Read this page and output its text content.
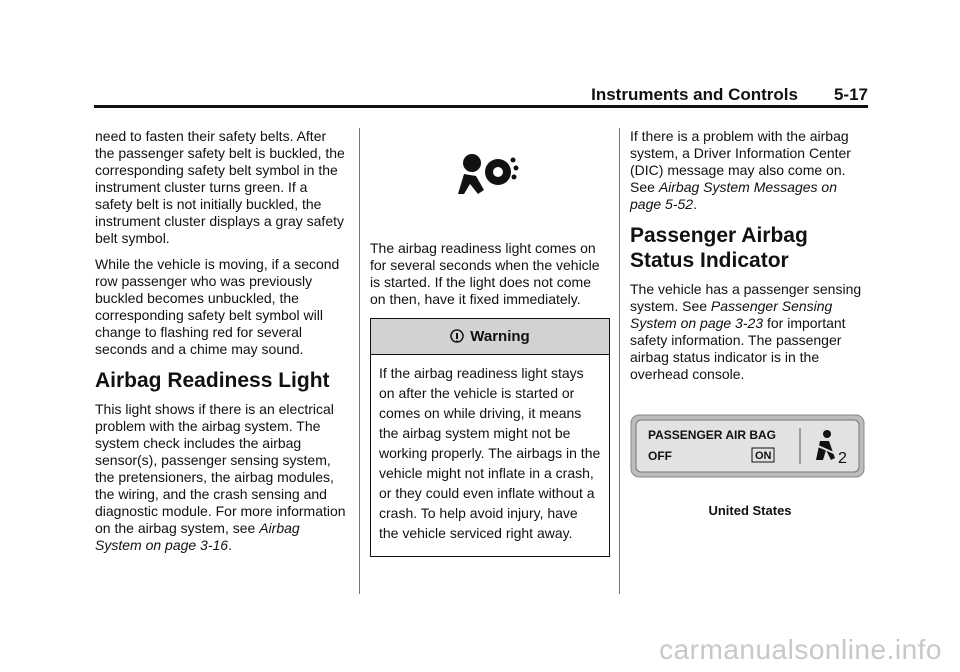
Instruments and Controls 5-17

need to fasten their safety belts. After the passenger safety belt is buckled, the corresponding safety belt symbol in the instrument cluster turns green. If a safety belt is not initially buckled, the instrument cluster displays a gray safety belt symbol.

While the vehicle is moving, if a second row passenger who was previously buckled becomes unbuckled, the corresponding safety belt symbol will change to flashing red for several seconds and a chime may sound.

Airbag Readiness Light

This light shows if there is an electrical problem with the airbag system. The system check includes the airbag sensor(s), passenger sensing system, the pretensioners, the airbag modules, the wiring, and the crash sensing and diagnostic module. For more information on the airbag system, see Airbag System on page 3-16.

The airbag readiness light comes on for several seconds when the vehicle is started. If the light does not come on then, have it fixed immediately.

Warning

If the airbag readiness light stays on after the vehicle is started or comes on while driving, it means the airbag system might not be working properly. The airbags in the vehicle might not inflate in a crash, or they could even inflate without a crash. To help avoid injury, have the vehicle serviced right away.

If there is a problem with the airbag system, a Driver Information Center (DIC) message may also come on. See Airbag System Messages on page 5-52.

Passenger Airbag Status Indicator

The vehicle has a passenger sensing system. See Passenger Sensing System on page 3-23 for important safety information. The passenger airbag status indicator is in the overhead console.

PASSENGER AIR BAG
OFF	ON	2
United States
carmanualsonline.info
